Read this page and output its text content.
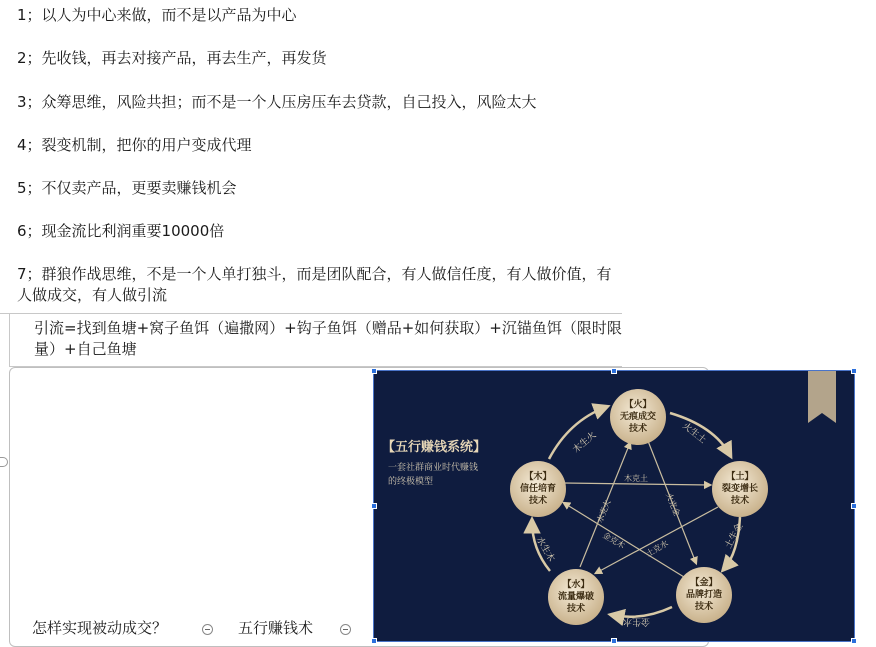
1；以人为中心来做，而不是以产品为中心
2；先收钱，再去对接产品，再去生产，再发货
3；众筹思维，风险共担；而不是一个人压房压车去贷款，自己投入，风险太大
4；裂变机制，把你的用户变成代理
5；不仅卖产品，更要卖赚钱机会
6；现金流比利润重要10000倍
7；群狼作战思维，不是一个人单打独斗，而是团队配合，有人做信任度，有人做价值，有人做成交，有人做引流
引流=找到鱼塘+窝子鱼饵（遍撒网）+钩子鱼饵（赠品+如何获取）+沉锚鱼饵（限时限量）+自己鱼塘
怎样实现被动成交？	五行赚钱术
【五行赚钱系统】
一套社群商业时代赚钱
的终极模型
木生火	火生土
土生金
金生水
水生木
木克土
火克金
土克水
金克木
水克火
【火】
无痕成交
技术
【土】
裂变增长
技术
【金】
品牌打造
技术
【水】
流量爆破
技术
【木】
信任培育
技术
